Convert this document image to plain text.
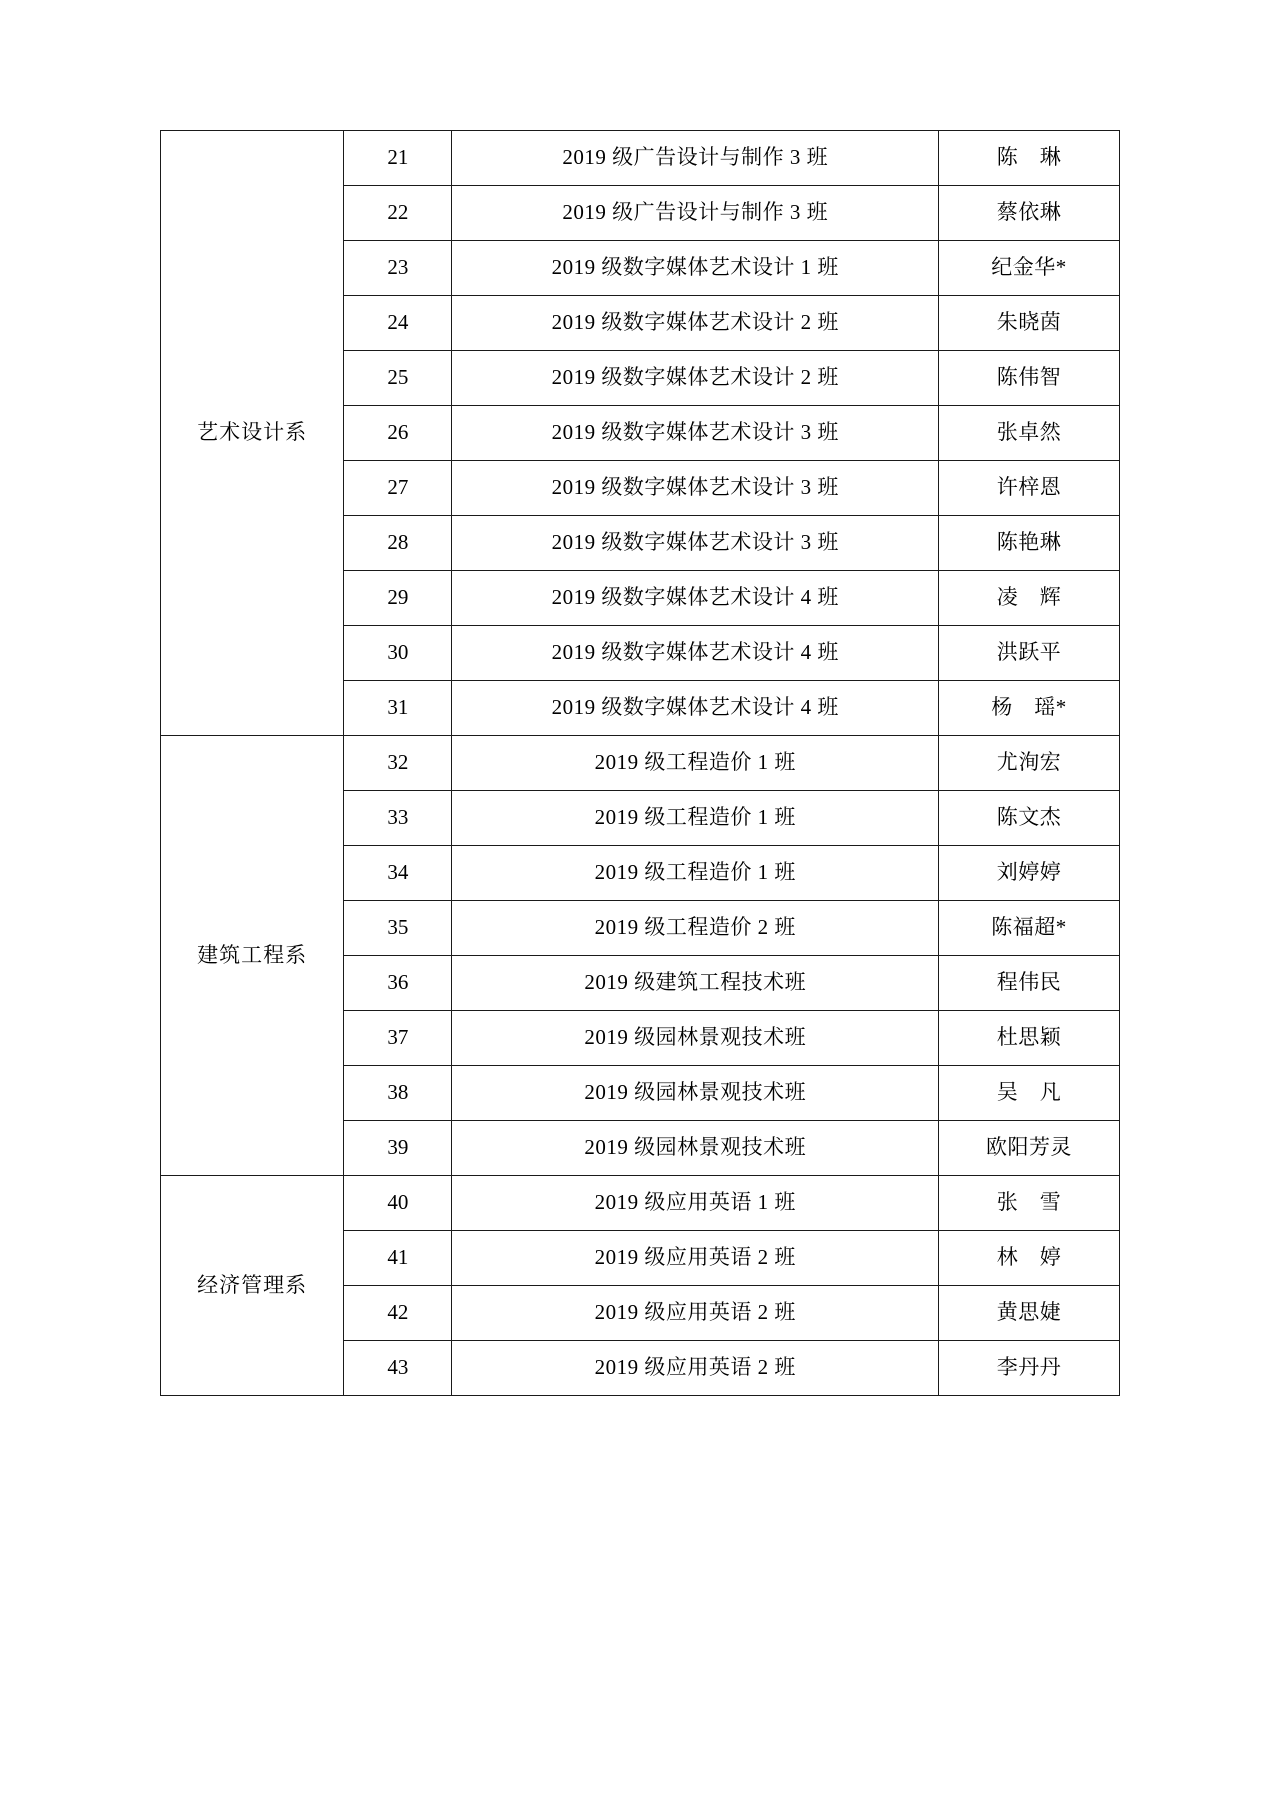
艺术设计系	21	2019 级广告设计与制作 3 班	陈　琳
	22	2019 级广告设计与制作 3 班	蔡依琳
	23	2019 级数字媒体艺术设计 1 班	纪金华*
	24	2019 级数字媒体艺术设计 2 班	朱晓茵
	25	2019 级数字媒体艺术设计 2 班	陈伟智
	26	2019 级数字媒体艺术设计 3 班	张卓然
	27	2019 级数字媒体艺术设计 3 班	许梓恩
	28	2019 级数字媒体艺术设计 3 班	陈艳琳
	29	2019 级数字媒体艺术设计 4 班	凌　辉
	30	2019 级数字媒体艺术设计 4 班	洪跃平
	31	2019 级数字媒体艺术设计 4 班	杨　瑶*
建筑工程系	32	2019 级工程造价 1 班	尤洵宏
	33	2019 级工程造价 1 班	陈文杰
	34	2019 级工程造价 1 班	刘婷婷
	35	2019 级工程造价 2 班	陈福超*
	36	2019 级建筑工程技术班	程伟民
	37	2019 级园林景观技术班	杜思颖
	38	2019 级园林景观技术班	吴　凡
	39	2019 级园林景观技术班	欧阳芳灵
经济管理系	40	2019 级应用英语 1 班	张　雪
	41	2019 级应用英语 2 班	林　婷
	42	2019 级应用英语 2 班	黄思婕
	43	2019 级应用英语 2 班	李丹丹
